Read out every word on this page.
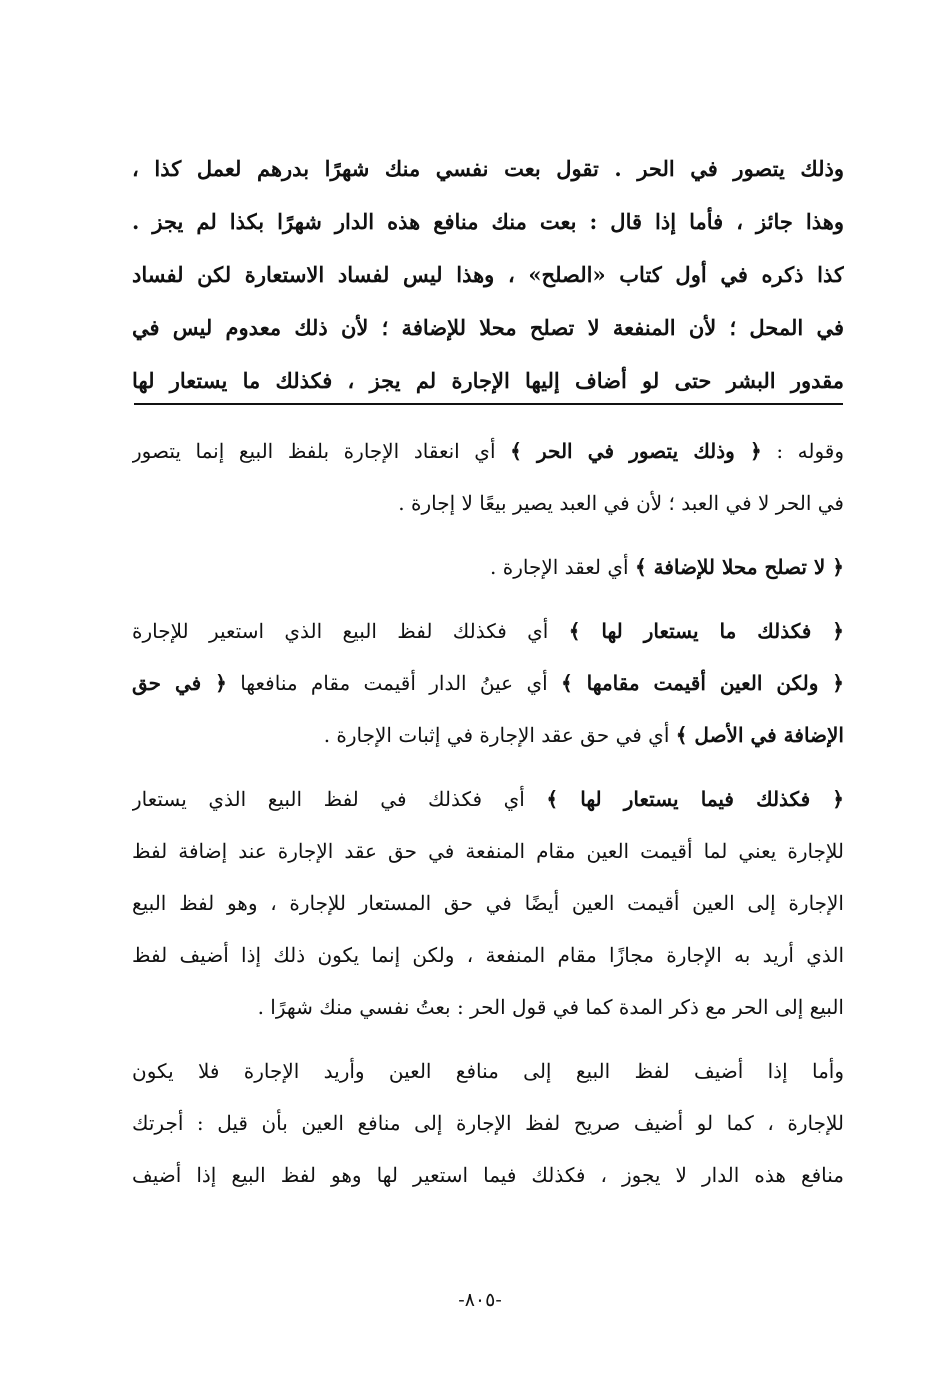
وذلك يتصور في الحر . تقول بعت نفسي منك شهرًا بدرهم لعمل كذا ،
وهذا جائز ، فأما إذا قال : بعت منك منافع هذه الدار شهرًا بكذا لم يجز .
كذا ذكره في أول كتاب «الصلح» ، وهذا ليس لفساد الاستعارة لكن لفساد
في المحل ؛ لأن المنفعة لا تصلح محلا للإضافة ؛ لأن ذلك معدوم ليس في
مقدور البشر حتى لو أضاف إليها الإجارة لم يجز ، فكذلك ما يستعار لها
وقوله : ﴿ وذلك يتصور في الحر ﴾ أي انعقاد الإجارة بلفظ البيع إنما يتصور
في الحر لا في العبد ؛ لأن في العبد يصير بيعًا لا إجارة .
﴿ لا تصلح محلا للإضافة ﴾ أي لعقد الإجارة .
﴿ فكذلك ما يستعار لها ﴾ أي فكذلك لفظ البيع الذي استعير للإجارة
﴿ ولكن العين أقيمت مقامها ﴾ أي عينُ الدار أقيمت مقام منافعها ﴿ في حق
الإضافة في الأصل ﴾ أي في حق عقد الإجارة في إثبات الإجارة .
﴿ فكذلك فيما يستعار لها ﴾ أي فكذلك في لفظ البيع الذي يستعار
للإجارة يعني لما أقيمت العين مقام المنفعة في حق عقد الإجارة عند إضافة لفظ
الإجارة إلى العين أقيمت العين أيضًا في حق المستعار للإجارة ، وهو لفظ البيع
الذي أريد به الإجارة مجازًا مقام المنفعة ، ولكن إنما يكون ذلك إذا أضيف لفظ
البيع إلى الحر مع ذكر المدة كما في قول الحر : بعتُ نفسي منك شهرًا .
وأما إذا أضيف لفظ البيع إلى منافع العين وأريد الإجارة فلا يكون
للإجارة ، كما لو أضيف صريح لفظ الإجارة إلى منافع العين بأن قيل : أجرتك
منافع هذه الدار لا يجوز ، فكذلك فيما استعير لها وهو لفظ البيع إذا أضيف
-٨٠٥-
